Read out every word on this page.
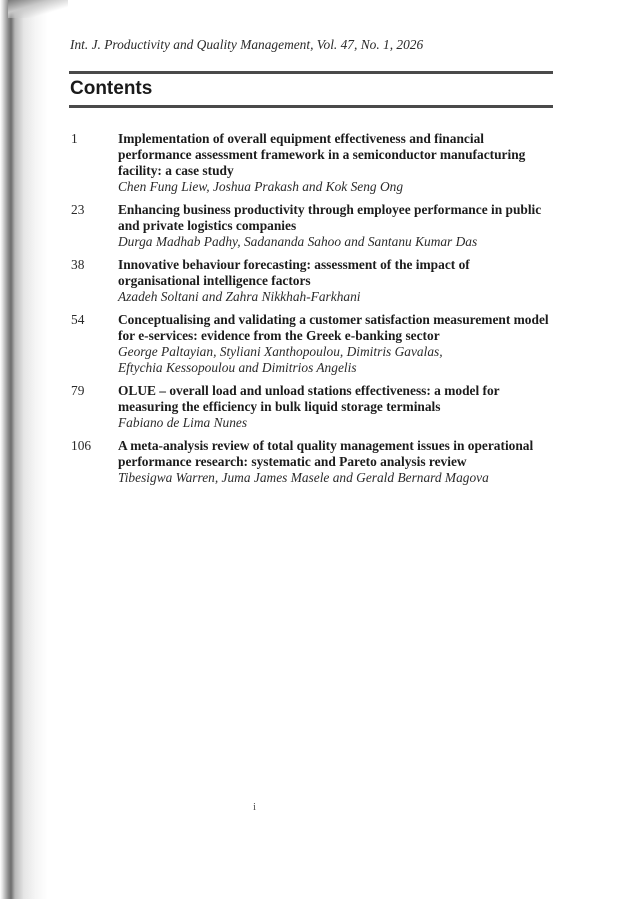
Int. J. Productivity and Quality Management, Vol. 47, No. 1, 2026
Contents
1	Implementation of overall equipment effectiveness and financial performance assessment framework in a semiconductor manufacturing facility: a case study
Chen Fung Liew, Joshua Prakash and Kok Seng Ong
23	Enhancing business productivity through employee performance in public and private logistics companies
Durga Madhab Padhy, Sadananda Sahoo and Santanu Kumar Das
38	Innovative behaviour forecasting: assessment of the impact of organisational intelligence factors
Azadeh Soltani and Zahra Nikkhah-Farkhani
54	Conceptualising and validating a customer satisfaction measurement model for e-services: evidence from the Greek e-banking sector
George Paltayian, Styliani Xanthopoulou, Dimitris Gavalas, Eftychia Kessopoulou and Dimitrios Angelis
79	OLUE – overall load and unload stations effectiveness: a model for measuring the efficiency in bulk liquid storage terminals
Fabiano de Lima Nunes
106	A meta-analysis review of total quality management issues in operational performance research: systematic and Pareto analysis review
Tibesigwa Warren, Juma James Masele and Gerald Bernard Magova
i
